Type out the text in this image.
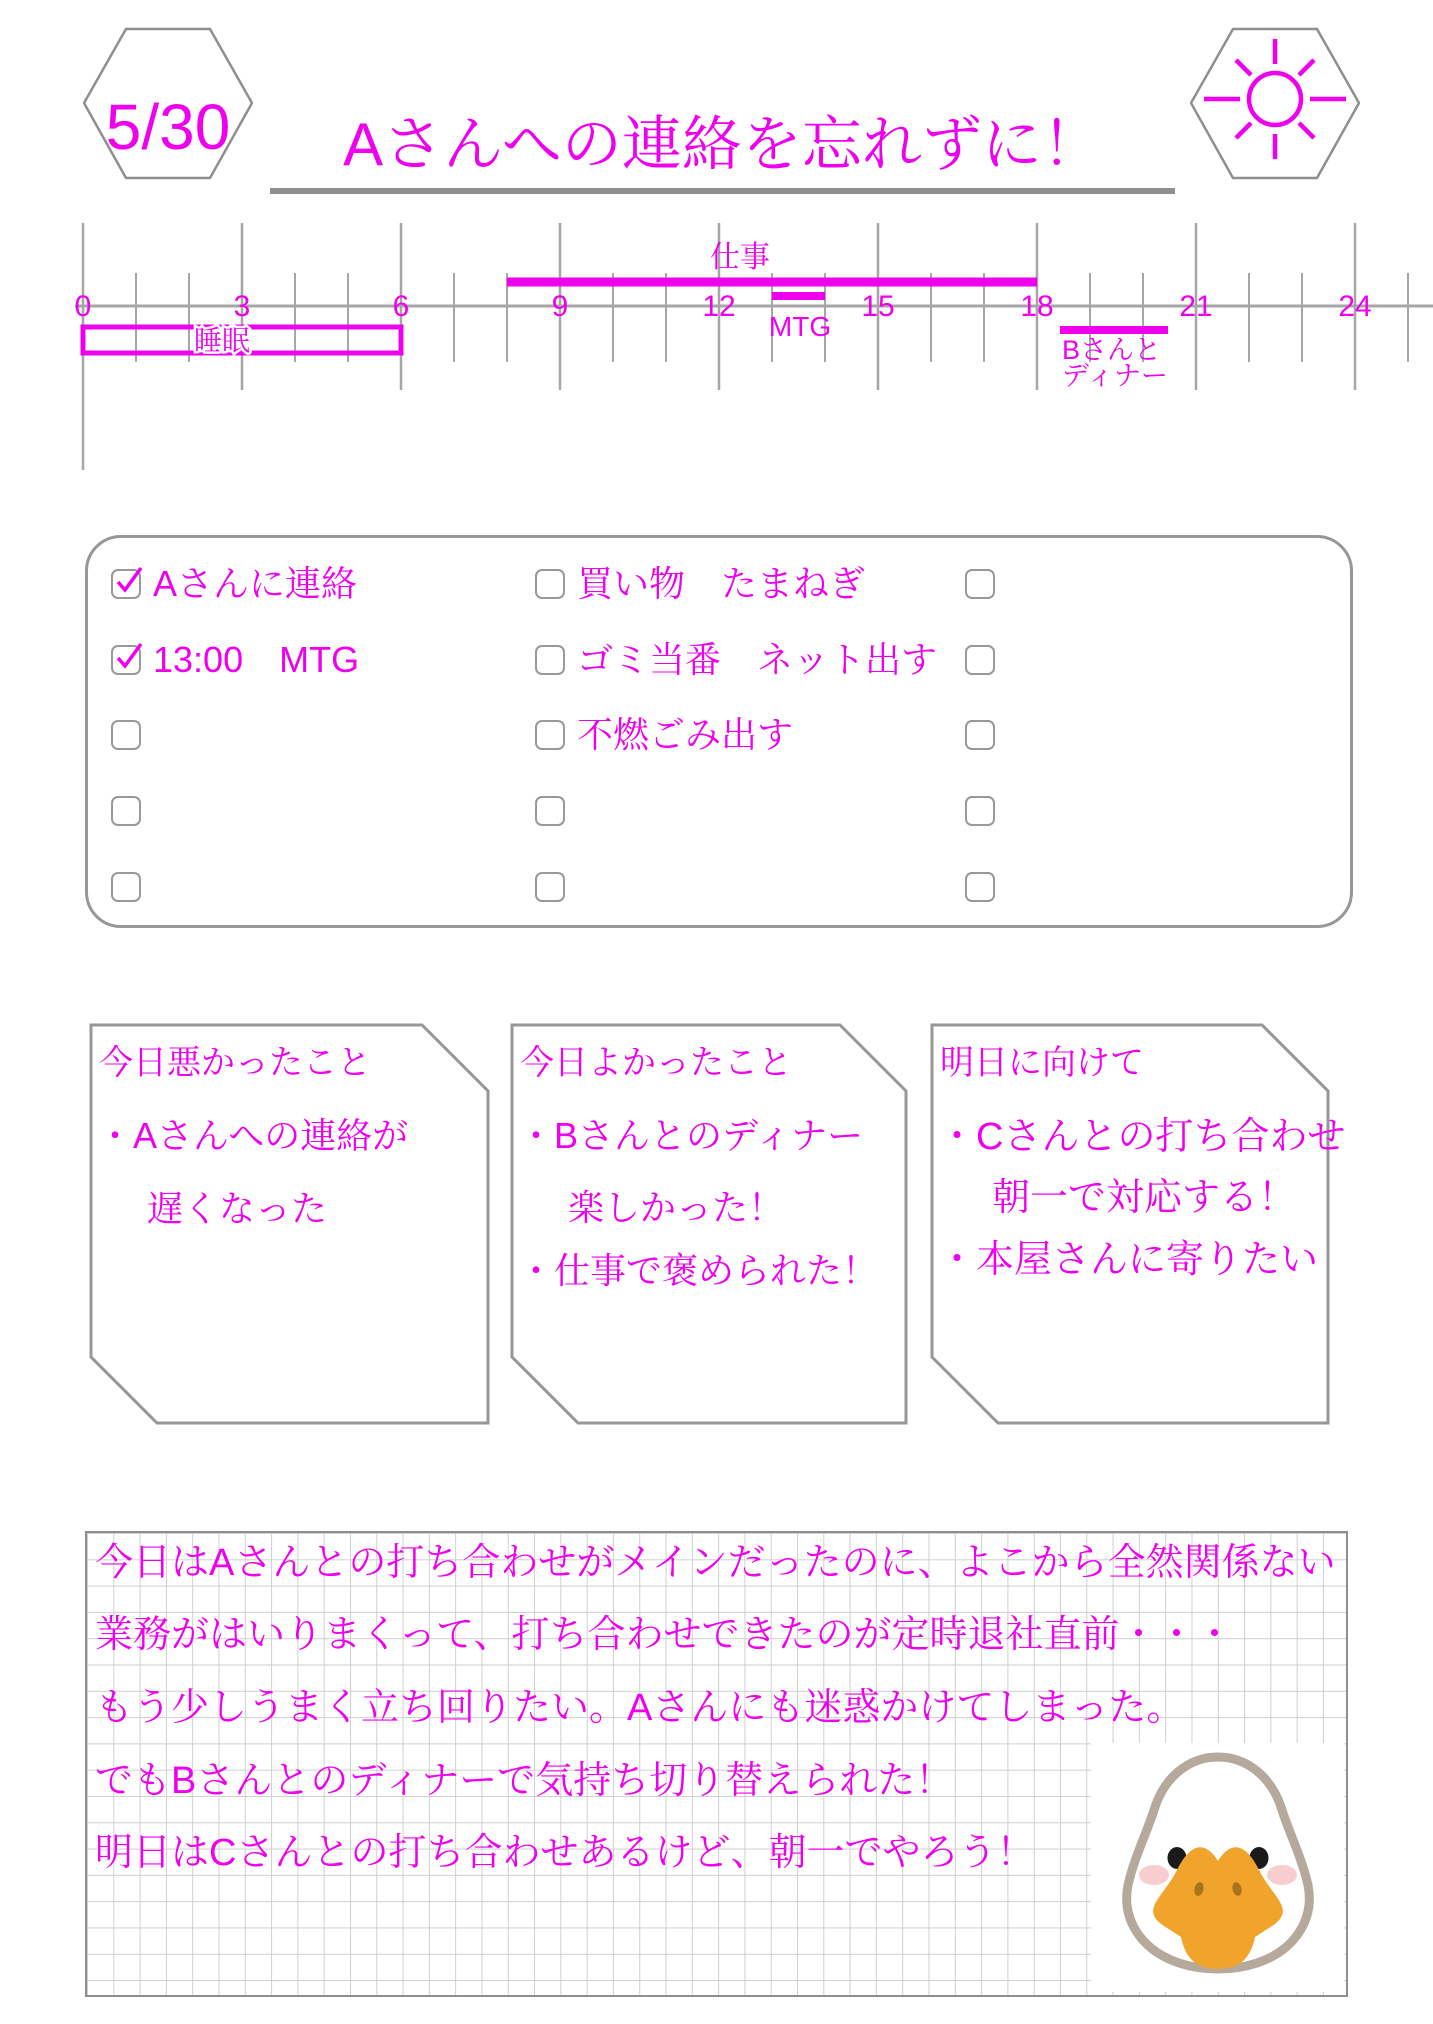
5/30	Aさんへの連絡を忘れずに！
0	3	6	9	12	15	18	21	24
仕事
MTG
睡眠	Bさんと
ディナー
Aさんに連絡
13:00　MTG
買い物　たまねぎ
ゴミ当番　ネット出す
不燃ごみ出す
今日悪かったこと
・Aさんへの連絡が
遅くなった
今日よかったこと
・Bさんとのディナー
楽しかった！
・仕事で褒められた！
明日に向けて
・Cさんとの打ち合わせ
朝一で対応する！
・本屋さんに寄りたい
今日はAさんとの打ち合わせがメインだったのに、よこから全然関係ない
業務がはいりまくって、打ち合わせできたのが定時退社直前・・・
もう少しうまく立ち回りたい。Aさんにも迷惑かけてしまった。
でもBさんとのディナーで気持ち切り替えられた！
明日はCさんとの打ち合わせあるけど、朝一でやろう！
